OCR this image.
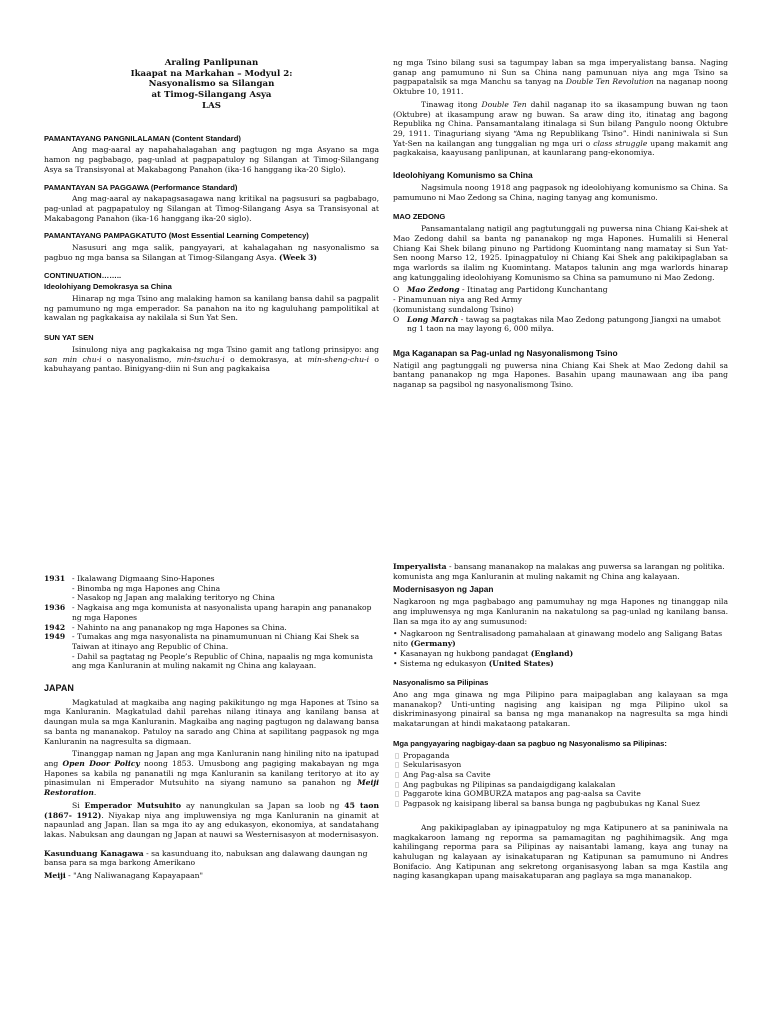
Araling Panlipunan
Ikaapat na Markahan – Modyul 2:
Nasyonalismo sa Silangan
at Timog-Silangang Asya
LAS
PAMANTAYANG PANGNILALAMAN (Content Standard)

Ang mag-aaral ay napahahalagahan ang pagtugon ng mga Asyano sa mga hamon ng pagbabago, pag-unlad at pagpapatuloy ng Silangan at Timog-Silangang Asya sa Transisyonal at Makabagong Panahon (ika-16 hanggang ika-20 Siglo).

PAMANTAYAN SA PAGGAWA (Performance Standard)

Ang mag-aaral ay nakapagsasagawa nang kritikal na pagsusuri sa pagbabago, pag-unlad at pagpapatuloy ng Silangan at Timog-Silangang Asya sa Transisyonal at Makabagong Panahon (ika-16 hanggang ika-20 siglo).

PAMANTAYANG PAMPAGKATUTO (Most Essential Learning Competency)

Nasusuri ang mga salik, pangyayari, at kahalagahan ng nasyonalismo sa pagbuo ng mga bansa sa Silangan at Timog-Silangang Asya. (Week 3)

CONTINUATION……..
Ideolohiyang Demokrasya sa China

Hinarap ng mga Tsino ang malaking hamon sa kanilang bansa dahil sa pagpalit ng pamumuno ng mga emperador. Sa panahon na ito ng kaguluhang pampolitikal at kawalan ng pagkakaisa ay nakilala si Sun Yat Sen.

SUN YAT SEN

Isinulong niya ang pagkakaisa ng mga Tsino gamit ang tatlong prinsipyo: ang san min chu-i o nasyonalismo, min-tsuchu-i o demokrasya, at min-sheng-chu-i o kabuhayang pantao. Binigyang-diin ni Sun ang pagkakaisa

ng mga Tsino bilang susi sa tagumpay laban sa mga imperyalistang bansa. Naging ganap ang pamumuno ni Sun sa China nang pamunuan niya ang mga Tsino sa pagpapatalsik sa mga Manchu sa tanyag na Double Ten Revolution na naganap noong Oktubre 10, 1911.

Tinawag itong Double Ten dahil naganap ito sa ikasampung buwan ng taon (Oktubre) at ikasampung araw ng buwan. Sa araw ding ito, itinatag ang bagong Republika ng China. Pansamantalang itinalaga si Sun bilang Pangulo noong Oktubre 29, 1911. Tinaguriang siyang “Ama ng Republikang Tsino”. Hindi naniniwala si Sun Yat-Sen na kailangan ang tunggalian ng mga uri o class struggle upang makamit ang pagkakaisa, kaayusang panlipunan, at kaunlarang pang-ekonomiya.

Ideolohiyang Komunismo sa China

Nagsimula noong 1918 ang pagpasok ng ideolohiyang komunismo sa China. Sa pamumuno ni Mao Zedong sa China, naging tanyag ang komunismo.

MAO ZEDONG

Pansamantalang natigil ang pagtutunggali ng puwersa nina Chiang Kai-shek at Mao Zedong dahil sa banta ng pananakop ng mga Hapones. Humalili si Heneral Chiang Kai Shek bilang pinuno ng Partidong Kuomintang nang mamatay si Sun Yat-Sen noong Marso 12, 1925. Ipinagpatuloy ni Chiang Kai Shek ang pakikipaglaban sa mga warlords sa ilalim ng Kuomintang. Matapos talunin ang mga warlords hinarap ang katunggaling ideolohiyang Komunismo sa China sa pamumuno ni Mao Zedong.

O	Mao Zedong - Itinatag ang Partidong Kunchantang
- Pinamunuan niya ang Red Army
(komunistang sundalong Tsino)
O	Long March - tawag sa pagtakas nila Mao Zedong patungong Jiangxi na umabot ng 1 taon na may layong 6, 000 milya.
Mga Kaganapan sa Pag-unlad ng Nasyonalismong Tsino

Natigil ang pagtunggali ng puwersa nina Chiang Kai Shek at Mao Zedong dahil sa bantang pananakop ng mga Hapones. Basahin upang maunawaan ang iba pang naganap sa pagsibol ng nasyonalismong Tsino.

1931 - Ikalawang Digmaang Sino-Hapones
- Binomba ng mga Hapones ang China
- Nasakop ng Japan ang malaking teritoryo ng China
1936 - Nagkaisa ang mga komunista at nasyonalista upang harapin ang pananakop ng mga Hapones
1942 - Nahinto na ang pananakop ng mga Hapones sa China.
1949 - Tumakas ang mga nasyonalista na pinamumunuan ni Chiang Kai Shek sa Taiwan at itinayo ang Republic of China.
- Dahil sa pagtatag ng People’s Republic of China, napaalis ng mga komunista ang mga Kanluranin at muling nakamit ng China ang kalayaan.
JAPAN

Magkatulad at magkaiba ang naging pakikitungo ng mga Hapones at Tsino sa mga Kanluranin. Magkatulad dahil parehas nilang itinaya ang kanilang bansa at daungan mula sa mga Kanluranin. Magkaiba ang naging pagtugon ng dalawang bansa sa banta ng mananakop. Patuloy na sarado ang China at sapilitang pagpasok ng mga Kanluranin na nagresulta sa digmaan.

Tinanggap naman ng Japan ang mga Kanluranin nang hiniling nito na ipatupad ang Open Door Policy noong 1853. Umusbong ang pagiging makabayan ng mga Hapones sa kabila ng pananatili ng mga Kanluranin sa kanilang teritoryo at ito ay pinasimulan ni Emperador Mutsuhito na siyang namuno sa panahon ng Meiji Restoration.

Si Emperador Mutsuhito ay nanungkulan sa Japan sa loob ng 45 taon (1867- 1912). Niyakap niya ang impluwensiya ng mga Kanluranin na ginamit at napaunlad ang Japan. Ilan sa mga ito ay ang edukasyon, ekonomiya, at sandatahang lakas. Nabuksan ang daungan ng Japan at nauwi sa Westernisasyon at modernisasyon.

Kasunduang Kanagawa - sa kasunduang ito, nabuksan ang dalawang daungan ng bansa para sa mga barkong Amerikano

Meiji - "Ang Naliwanagang Kapayapaan"

Imperyalista - bansang mananakop na malakas ang puwersa sa larangan ng politika. komunista ang mga Kanluranin at muling nakamit ng China ang kalayaan.

Modernisasyon ng Japan

Nagkaroon ng mga pagbabago ang pamumuhay ng mga Hapones ng tinanggap nila ang impluwensya ng mga Kanluranin na nakatulong sa pag-unlad ng kanilang bansa. Ilan sa mga ito ay ang sumusunod:

• Nagkaroon ng Sentralisadong pamahalaan at ginawang modelo ang Saligang Batas nito (Germany)
• Kasanayan ng hukbong pandagat (England)
• Sistema ng edukasyon (United States)
Nasyonalismo sa Pilipinas

Ano ang mga ginawa ng mga Pilipino para maipaglaban ang kalayaan sa mga mananakop? Unti-unting nagising ang kaisipan ng mga Pilipino ukol sa diskriminasyong pinairal sa bansa ng mga mananakop na nagresulta sa mga hindi makatarungan at hindi makataong patakaran.

Mga pangyayaring nagbigay-daan sa pagbuo ng Nasyonalismo sa Pilipinas:
▯ Propaganda
▯ Sekularisasyon
▯ Ang Pag-alsa sa Cavite
▯ Ang pagbukas ng Pilipinas sa pandaigdigang kalakalan
▯ Paggarote kina GOMBURZA matapos ang pag-aalsa sa Cavite
▯ Pagpasok ng kaisipang liberal sa bansa bunga ng pagbubukas ng Kanal Suez

Ang pakikipaglaban ay ipinagpatuloy ng mga Katipunero at sa paniniwala na magkakaroon lamang ng reporma sa pamamagitan ng paghihimagsik. Ang mga kahilingang reporma para sa Pilipinas ay naisantabi lamang, kaya ang tunay na kahulugan ng kalayaan ay isinakatuparan ng Katipunan sa pamumuno ni Andres Bonifacio. Ang Katipunan ang sekretong organisasyong laban sa mga Kastila ang naging kasangkapan upang maisakatuparan ang paglaya sa mga mananakop.
